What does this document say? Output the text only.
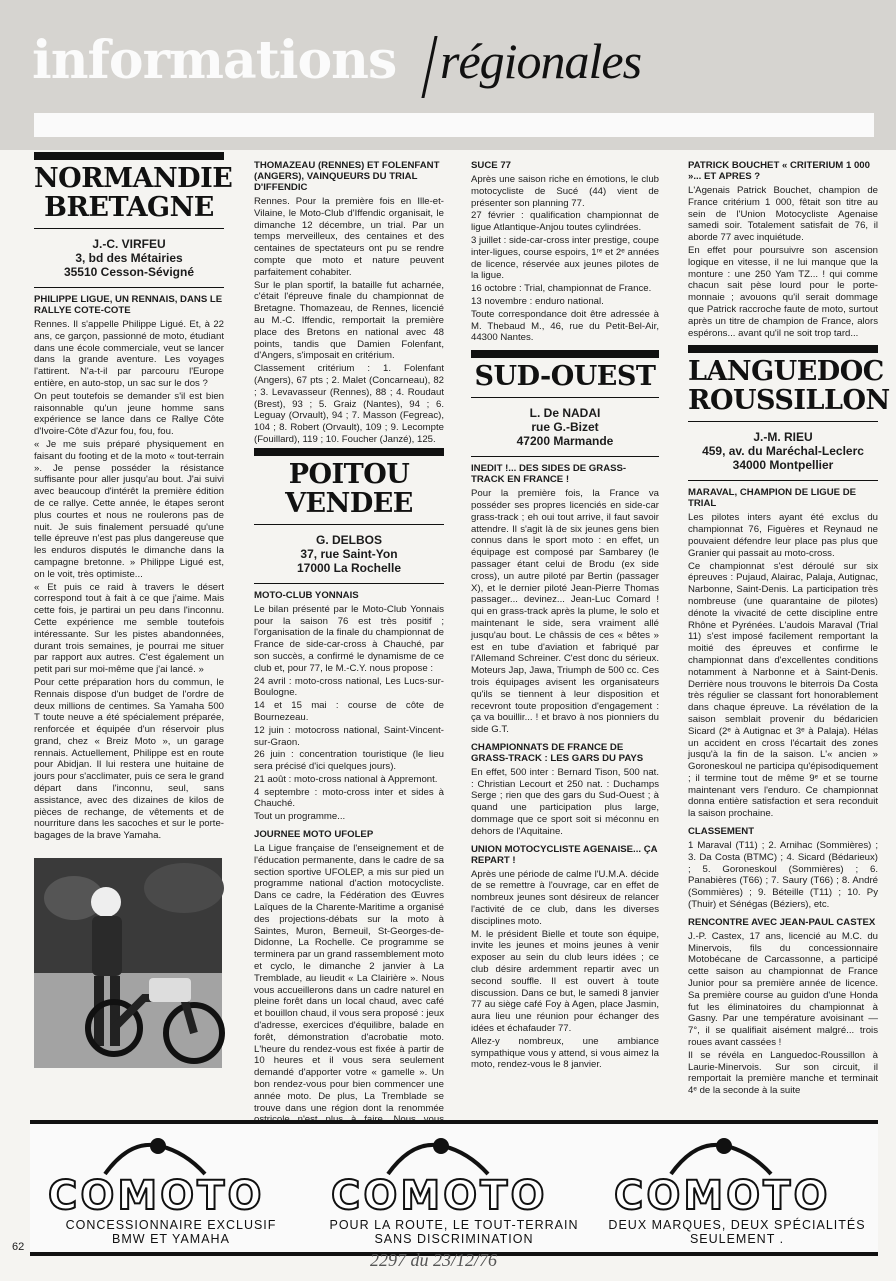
informations régionales
NORMANDIE
BRETAGNE
J.-C. VIRFEU
3, bd des Métairies
35510 Cesson-Sévigné
PHILIPPE LIGUE, UN RENNAIS, DANS LE RALLYE COTE-COTE

Rennes. Il s'appelle Philippe Ligué. Et, à 22 ans, ce garçon, passionné de moto, étudiant dans une école commerciale, veut se lancer dans la grande aventure. Les voyages l'attirent. N'a-t-il par parcouru l'Europe entière, en auto-stop, un sac sur le dos ?

On peut toutefois se demander s'il est bien raisonnable qu'un jeune homme sans expérience se lance dans ce Rallye Côte d'Ivoire-Côte d'Azur fou, fou, fou.

« Je me suis préparé physiquement en faisant du footing et de la moto « tout-terrain ». Je pense posséder la résistance suffisante pour aller jusqu'au bout. J'ai suivi avec beaucoup d'intérêt la première édition de ce rallye. Cette année, le étapes seront plus courtes et nous ne roulerons pas de nuit. Je suis finalement persuadé qu'une telle épreuve n'est pas plus dangereuse que les enduros disputés le dimanche dans la campagne bretonne. » Philippe Ligué est, on le voit, très optimiste...

« Et puis ce raid à travers le désert correspond tout à fait à ce que j'aime. Mais cette fois, je partirai un peu dans l'inconnu. Cette expérience me semble toutefois intéressante. Sur les pistes abandonnées, durant trois semaines, je pourrai me situer par rapport aux autres. C'est également un petit pari sur moi-même que j'ai lancé. »

Pour cette préparation hors du commun, le Rennais dispose d'un budget de l'ordre de deux millions de centimes. Sa Yamaha 500 T toute neuve a été spécialement préparée, renforcée et équipée d'un réservoir plus grand, chez « Breiz Moto », un garage rennais. Actuellement, Philippe est en route pour Abidjan. Il lui restera une huitaine de jours pour s'acclimater, puis ce sera le grand départ dans l'inconnu, seul, sans assistance, avec des dizaines de kilos de pièces de rechange, de vêtements et de nourriture dans les sacoches et sur le porte-bagages de la brave Yamaha.

THOMAZEAU (RENNES) ET FOLENFANT (ANGERS), VAINQUEURS DU TRIAL D'IFFENDIC

Rennes. Pour la première fois en Ille-et-Vilaine, le Moto-Club d'Iffendic organisait, le dimanche 12 décembre, un trial. Par un temps merveilleux, des centaines et des centaines de spectateurs ont pu se rendre compte que moto et nature peuvent parfaitement cohabiter.

Sur le plan sportif, la bataille fut acharnée, c'était l'épreuve finale du championnat de Bretagne. Thomazeau, de Rennes, licencié au M.-C. Iffendic, remportait la première place des Bretons en national avec 48 points, tandis que Damien Folenfant, d'Angers, s'imposait en critérium.

Classement critérium : 1. Folenfant (Angers), 67 pts ; 2. Malet (Concarneau), 82 ; 3. Levavasseur (Rennes), 88 ; 4. Roudaut (Brest), 93 ; 5. Graiz (Nantes), 94 ; 6. Leguay (Orvault), 94 ; 7. Masson (Fegreac), 104 ; 8. Robert (Orvault), 109 ; 9. Lecompte (Fouillard), 119 ; 10. Foucher (Janzé), 125.

POITOU
VENDEE
G. DELBOS
37, rue Saint-Yon
17000 La Rochelle
MOTO-CLUB YONNAIS

Le bilan présenté par le Moto-Club Yonnais pour la saison 76 est très positif ; l'organisation de la finale du championnat de France de side-car-cross à Chauché, par son succès, a confirmé le dynamisme de ce club et, pour 77, le M.-C.Y. nous propose :

24 avril : moto-cross national, Les Lucs-sur-Boulogne.

14 et 15 mai : course de côte de Bournezeau.

12 juin : motocross national, Saint-Vincent-sur-Graon.

26 juin : concentration touristique (le lieu sera précisé d'ici quelques jours).

21 août : moto-cross national à Appremont.

4 septembre : moto-cross inter et sides à Chauché.

Tout un programme...

JOURNEE MOTO UFOLEP

La Ligue française de l'enseignement et de l'éducation permanente, dans le cadre de sa section sportive UFOLEP, a mis sur pied un programme national d'action motocycliste. Dans ce cadre, la Fédération des Œuvres Laïques de la Charente-Maritime a organisé des projections-débats sur la moto à Saintes, Muron, Berneuil, St-Georges-de-Didonne, La Rochelle. Ce programme se terminera par un grand rassemblement moto et cyclo, le dimanche 2 janvier à La Tremblade, au lieudit « La Clairière ». Nous vous accueillerons dans un cadre naturel en pleine forêt dans un local chaud, avec café et bouillon chaud, il vous sera proposé : jeux d'adresse, exercices d'équilibre, balade en forêt, démonstration d'acrobatie moto. L'heure du rendez-vous est fixée à partir de 10 heures et il vous sera seulement demandé d'apporter votre « gamelle ». Un bon rendez-vous pour bien commencer une année moto. De plus, La Tremblade se trouve dans une région dont la renommée

SUCE 77

Après une saison riche en émotions, le club motocycliste de Sucé (44) vient de présenter son planning 77.

27 février : qualification championnat de ligue Atlantique-Anjou toutes cylindrées.

3 juillet : side-car-cross inter prestige, coupe inter-ligues, course espoirs, 1ʳᵉ et 2ᵉ années de licence, réservée aux jeunes pilotes de la ligue.

16 octobre : Trial, championnat de France.

13 novembre : enduro national.

Toute correspondance doit être adressée à M. Thebaud M., 46, rue du Petit-Bel-Air, 44300 Nantes.

SUD-OUEST
L. De NADAI
rue G.-Bizet
47200 Marmande
INEDIT !... DES SIDES DE GRASS-TRACK EN FRANCE !

Pour la première fois, la France va posséder ses propres licenciés en side-car grass-track ; eh oui tout arrive, il faut savoir attendre. Il s'agit là de six jeunes gens bien connus dans le sport moto : en effet, un équipage est composé par Sambarey (le passager étant celui de Brodu (ex side cross), un autre piloté par Bertin (passager X), et le dernier piloté Jean-Pierre Thomas passager... devinez... Jean-Luc Comard ! qui en grass-track après la plume, le solo et maintenant le side, sera vraiment allé jusqu'au bout. Le châssis de ces « bêtes » est en tube d'aviation et fabriqué par l'Allemand Schreiner. C'est donc du sérieux. Moteurs Jap, Jawa, Triumph de 500 cc. Ces trois équipages avisent les organisateurs qu'ils se tiennent à leur disposition et recevront toute proposition d'engagement : ça va bouillir... ! et bravo à nos pionniers du side G.T.

CHAMPIONNATS DE FRANCE DE GRASS-TRACK : LES GARS DU PAYS

En effet, 500 inter : Bernard Tison, 500 nat. : Christian Lecourt et 250 nat. : Duchamps Serge ; rien que des gars du Sud-Ouest ; à quand une participation plus large, dommage que ce sport soit si méconnu en dehors de l'Aquitaine.

UNION MOTOCYCLISTE AGENAISE... ÇA REPART !

Après une période de calme l'U.M.A. décide de se remettre à l'ouvrage, car en effet de nombreux jeunes sont désireux de relancer l'activité de ce club, dans les diverses disciplines moto.

M. le président Bielle et toute son équipe, invite les jeunes et moins jeunes à venir exposer au sein du club leurs idées ; ce club désire ardemment repartir avec un second souffle. Il est ouvert à toute discussion. Dans ce but, le samedi 8 janvier 77 au siège café Foy à Agen, place Jasmin, aura lieu une réunion pour échanger des idées et échafauder 77.

Allez-y nombreux, une ambiance sympathique vous y attend, si vous aimez la moto, rendez-vous le 8 janvier.

PATRICK BOUCHET « CRITERIUM 1 000 »... ET APRES ?

L'Agenais Patrick Bouchet, champion de France critérium 1 000, fêtait son titre au sein de l'Union Motocycliste Agenaise samedi soir. Totalement satisfait de 76, il aborde 77 avec inquiétude.

En effet pour poursuivre son ascension logique en vitesse, il ne lui manque que la monture : une 250 Yam TZ... ! qui comme chacun sait pèse lourd pour le porte-monnaie ; avouons qu'il serait dommage que Patrick raccroche faute de moto, surtout après un titre de champion de France, alors espérons... avant qu'il ne soit trop tard...

LANGUEDOC
ROUSSILLON
J.-M. RIEU
459, av. du Maréchal-Leclerc
34000 Montpellier
MARAVAL, CHAMPION DE LIGUE DE TRIAL

Les pilotes inters ayant été exclus du championnat 76, Figuères et Reynaud ne pouvaient défendre leur place pas plus que Granier qui passait au moto-cross.

Ce championnat s'est déroulé sur six épreuves : Pujaud, Alairac, Palaja, Autignac, Narbonne, Saint-Denis. La participation très nombreuse (une quarantaine de pilotes) dénote la vivacité de cette discipline entre Rhône et Pyrénées. L'audois Maraval (Trial 11) s'est imposé facilement remportant la moitié des épreuves et confirme le championnat dans d'excellentes conditions notamment à Narbonne et à Saint-Denis. Derrière nous trouvons le biterrois Da Costa très régulier se classant fort honorablement dans chaque épreuve. La révélation de la saison semblait provenir du bédaricien Sicard (2ᵉ à Autignac et 3ᵉ à Palaja). Hélas un accident en cross l'écartait des zones jusqu'à la fin de la saison. L'« ancien » Goroneskoul ne participa qu'épisodiquement ; il termine tout de même 9ᵉ et se tourne maintenant vers l'enduro. Ce championnat donna entière satisfaction et sera reconduit la saison prochaine.

CLASSEMENT

1 Maraval (T11) ; 2. Arnihac (Sommières) ; 3. Da Costa (BTMC) ; 4. Sicard (Bédarieux) ; 5. Goroneskoul (Sommières) ; 6. Panabières (T66) ; 7. Saury (T66) ; 8. André (Sommières) ; 9. Béteille (T11) ; 10. Py (Thuir) et Sénégas (Béziers), etc.

RENCONTRE AVEC JEAN-PAUL CASTEX

J.-P. Castex, 17 ans, licencié au M.C. du Minervois, fils du concessionnaire Motobécane de Carcassonne, a participé cette saison au championnat de France Junior pour sa première année de licence. Sa première course au guidon d'une Honda fut les éliminatoires du championnat à Gasny. Par une température avoisinant — 7°, il se qualifiait aisément malgré... trois roues avant cassées !

Il se révéla en Languedoc-Roussillon à Laurie-Minervois. Sur son circuit, il remportait la première manche et terminait 4ᵉ de la seconde à la suite

COMOTO
CONCESSIONNAIRE EXCLUSIF
BMW ET YAMAHA
COMOTO
POUR LA ROUTE, LE TOUT-TERRAIN
SANS DISCRIMINATION
COMOTO
DEUX MARQUES, DEUX SPÉCIALITÉS
SEULEMENT .
62
2297 du 23/12/76
